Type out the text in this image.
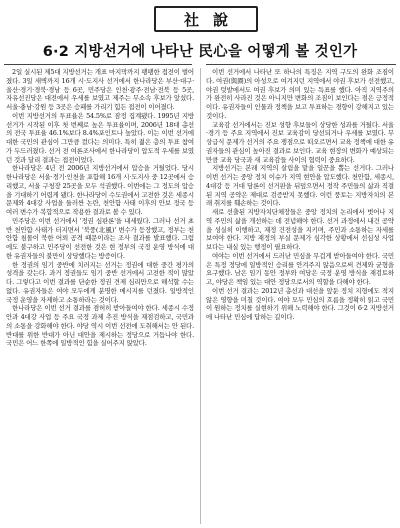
社說
6·2 지방선거에 나타난 民心을 어떻게 볼 것인가

2일 실시된 제5대 지방선거는 개표 마지막까지 팽팽한 접전이 벌어졌다. 3일 새벽까지 16개 시·도지사 선거에서 한나라당은 부산·대구·울산·경기·경북·경남 등 6곳, 민주당은 인천·광주·전남·전북 등 5곳, 자유선진당은 대전에서 우세를 보였고 제주는 무소속 후보가 앞섰다. 서울·충남·강원 등 3곳은 승패를 가리기 힘든 접전이 이어졌다.

이번 지방선거의 투표율은 54.5%로 잠정 집계됐다. 1995년 지방선거가 시작된 이후 첫 번째로 높은 투표율이며, 2006년 18대 총선의 전국 투표율 46.1%보다 8.4%포인트나 높았다. 이는 이번 선거에 대한 국민의 관심이 그만큼 컸다는 의미다. 특히 젊은 층의 투표 참여가 두드러졌다. 선거 전 여론조사에서 한나라당이 압도적 우세를 보였던 것과 달리 결과는 접전이었다.

한나라당은 4년 전 2006년 지방선거에서 압승을 거뒀었다. 당시 한나라당은 서울·경기·인천을 포함해 16개 시·도지사 중 12곳에서 승리했고, 서울 구청장 25곳을 모두 석권했다. 이번에는 그 정도의 압승을 기대하기 어렵게 됐다. 한나라당이 수도권에서 고전한 것은 세종시 문제와 4대강 사업을 둘러싼 논란, 천안함 사태 이후의 안보 정국 등 여러 변수가 복합적으로 작용한 결과로 볼 수 있다.

민주당은 이번 선거에서 '정권 심판론'을 내세웠다. 그러나 선거 초반 천안함 사태가 터지면서 '북풍(北風)' 변수가 등장했고, 정부는 천안함 침몰이 북한 어뢰 공격 때문이라는 조사 결과를 발표했다. 그럼에도 불구하고 민주당이 선전한 것은 현 정부의 국정 운영 방식에 대한 유권자들의 불만이 상당했다는 방증이다.

한 정권의 임기 중반에 치러지는 선거는 정권에 대한 중간 평가의 성격을 갖는다. 과거 정권들도 임기 중반 선거에서 고전한 적이 많았다. 그렇다고 이번 결과를 단순한 정권 견제 심리만으로 해석할 수는 없다. 유권자들은 여야 모두에게 분명한 메시지를 던졌다. 일방적인 국정 운영을 자제하고 소통하라는 것이다.

한나라당은 이번 선거 결과를 겸허히 받아들여야 한다. 세종시 수정안과 4대강 사업 등 주요 국정 과제 추진 방식을 재점검하고, 국민과의 소통을 강화해야 한다. 야당 역시 이번 선전에 도취해서는 안 된다. 반대를 위한 반대가 아닌 대안을 제시하는 정당으로 거듭나야 한다. 국민은 어느 한쪽에 일방적인 힘을 실어주지 않았다.

이번 선거에서 나타난 또 하나의 특징은 지역 구도의 완화 조짐이다. 여권(與圈)의 아성으로 여겨지던 지역에서 야권 후보가 선전했고, 야권 텃밭에서도 여권 후보가 의미 있는 득표를 했다. 아직 지역주의가 완전히 사라진 것은 아니지만 변화의 조짐이 보인다는 점은 긍정적이다. 유권자들이 인물과 정책을 보고 투표하는 경향이 강해지고 있는 것이다.

교육감 선거에서는 진보 성향 후보들이 상당한 성과를 거뒀다. 서울·경기 등 주요 지역에서 진보 교육감이 당선되거나 우세를 보였다. 무상급식 문제가 선거의 주요 쟁점으로 떠오르면서 교육 정책에 대한 유권자들의 관심이 높아진 결과로 보인다. 교육 현장의 변화가 예상되는 만큼 교육 당국과 새 교육감들 사이의 협력이 중요하다.

지방선거는 본래 지역의 살림을 맡을 일꾼을 뽑는 선거다. 그러나 이번 선거는 중앙 정치 이슈가 지역 현안을 압도했다. 천안함, 세종시, 4대강 등 거대 담론이 선거판을 뒤덮으면서 정작 주민들의 삶과 직결된 지역 공약은 제대로 검증받지 못했다. 이런 풍토는 지방자치의 본래 취지를 훼손하는 것이다.

새로 선출된 지방자치단체장들은 중앙 정치의 논리에서 벗어나 지역 주민의 삶을 개선하는 데 전념해야 한다. 선거 과정에서 내건 공약을 성실히 이행하고, 재정 건전성을 지키며, 주민과 소통하는 자세를 보여야 한다. 지방 재정의 부실 문제가 심각한 상황에서 선심성 사업보다는 내실 있는 행정이 필요하다.

여야는 이번 선거에서 드러난 민심을 무겁게 받아들여야 한다. 국민은 특정 정당에 일방적인 승리를 안겨주지 않음으로써 견제와 균형을 요구했다. 남은 임기 동안 정부와 여당은 국정 운영 방식을 재검토하고, 야당은 책임 있는 대안 정당으로서의 역할을 다해야 한다.

이번 선거 결과는 2012년 총선과 대선을 앞둔 정치 지형에도 적지 않은 영향을 미칠 것이다. 여야 모두 민심의 흐름을 정확히 읽고 국민이 원하는 정치를 실현하기 위해 노력해야 한다. 그것이 6·2 지방선거에 나타난 민심에 답하는 길이다.
